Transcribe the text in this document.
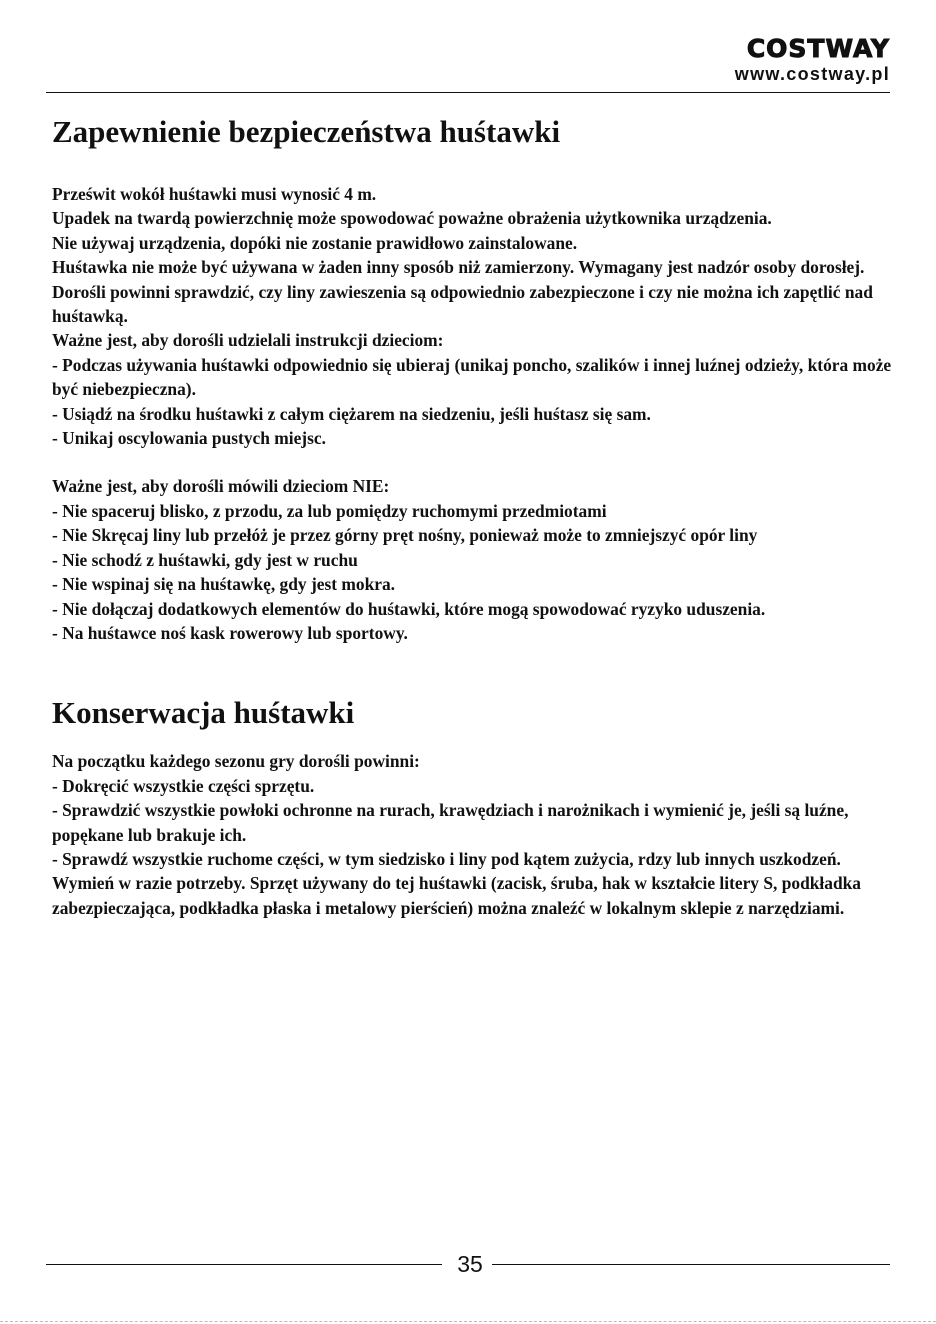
COSTWAY
www.costway.pl
Zapewnienie bezpieczeństwa huśtawki

Prześwit wokół huśtawki musi wynosić 4 m.

Upadek na twardą powierzchnię może spowodować poważne obrażenia użytkownika urządzenia.

Nie używaj urządzenia, dopóki nie zostanie prawidłowo zainstalowane.

Huśtawka nie może być używana w żaden inny sposób niż zamierzony. Wymagany jest nadzór osoby dorosłej.

Dorośli powinni sprawdzić, czy liny zawieszenia są odpowiednio zabezpieczone i czy nie można ich zapętlić nad huśtawką.

Ważne jest, aby dorośli udzielali instrukcji dzieciom:

- Podczas używania huśtawki odpowiednio się ubieraj (unikaj poncho, szalików i innej luźnej odzieży, która może być niebezpieczna).

- Usiądź na środku huśtawki z całym ciężarem na siedzeniu, jeśli huśtasz się sam.

- Unikaj oscylowania pustych miejsc.

Ważne jest, aby dorośli mówili dzieciom NIE:

- Nie spaceruj blisko, z przodu, za lub pomiędzy ruchomymi przedmiotami

- Nie Skręcaj liny lub przełóż je przez górny pręt nośny, ponieważ może to zmniejszyć opór liny

- Nie schodź z huśtawki, gdy jest w ruchu

- Nie wspinaj się na huśtawkę, gdy jest mokra.

- Nie dołączaj dodatkowych elementów do huśtawki, które mogą spowodować ryzyko uduszenia.

- Na huśtawce noś kask rowerowy lub sportowy.

Konserwacja huśtawki

Na początku każdego sezonu gry dorośli powinni:

- Dokręcić wszystkie części sprzętu.

- Sprawdzić wszystkie powłoki ochronne na rurach, krawędziach i narożnikach i wymienić je, jeśli są luźne, popękane lub brakuje ich.

- Sprawdź wszystkie ruchome części, w tym siedzisko i liny pod kątem zużycia, rdzy lub innych uszkodzeń. Wymień w razie potrzeby. Sprzęt używany do tej huśtawki (zacisk, śruba, hak w kształcie litery S, podkładka zabezpieczająca, podkładka płaska i metalowy pierścień) można znaleźć w lokalnym sklepie z narzędziami.

35
